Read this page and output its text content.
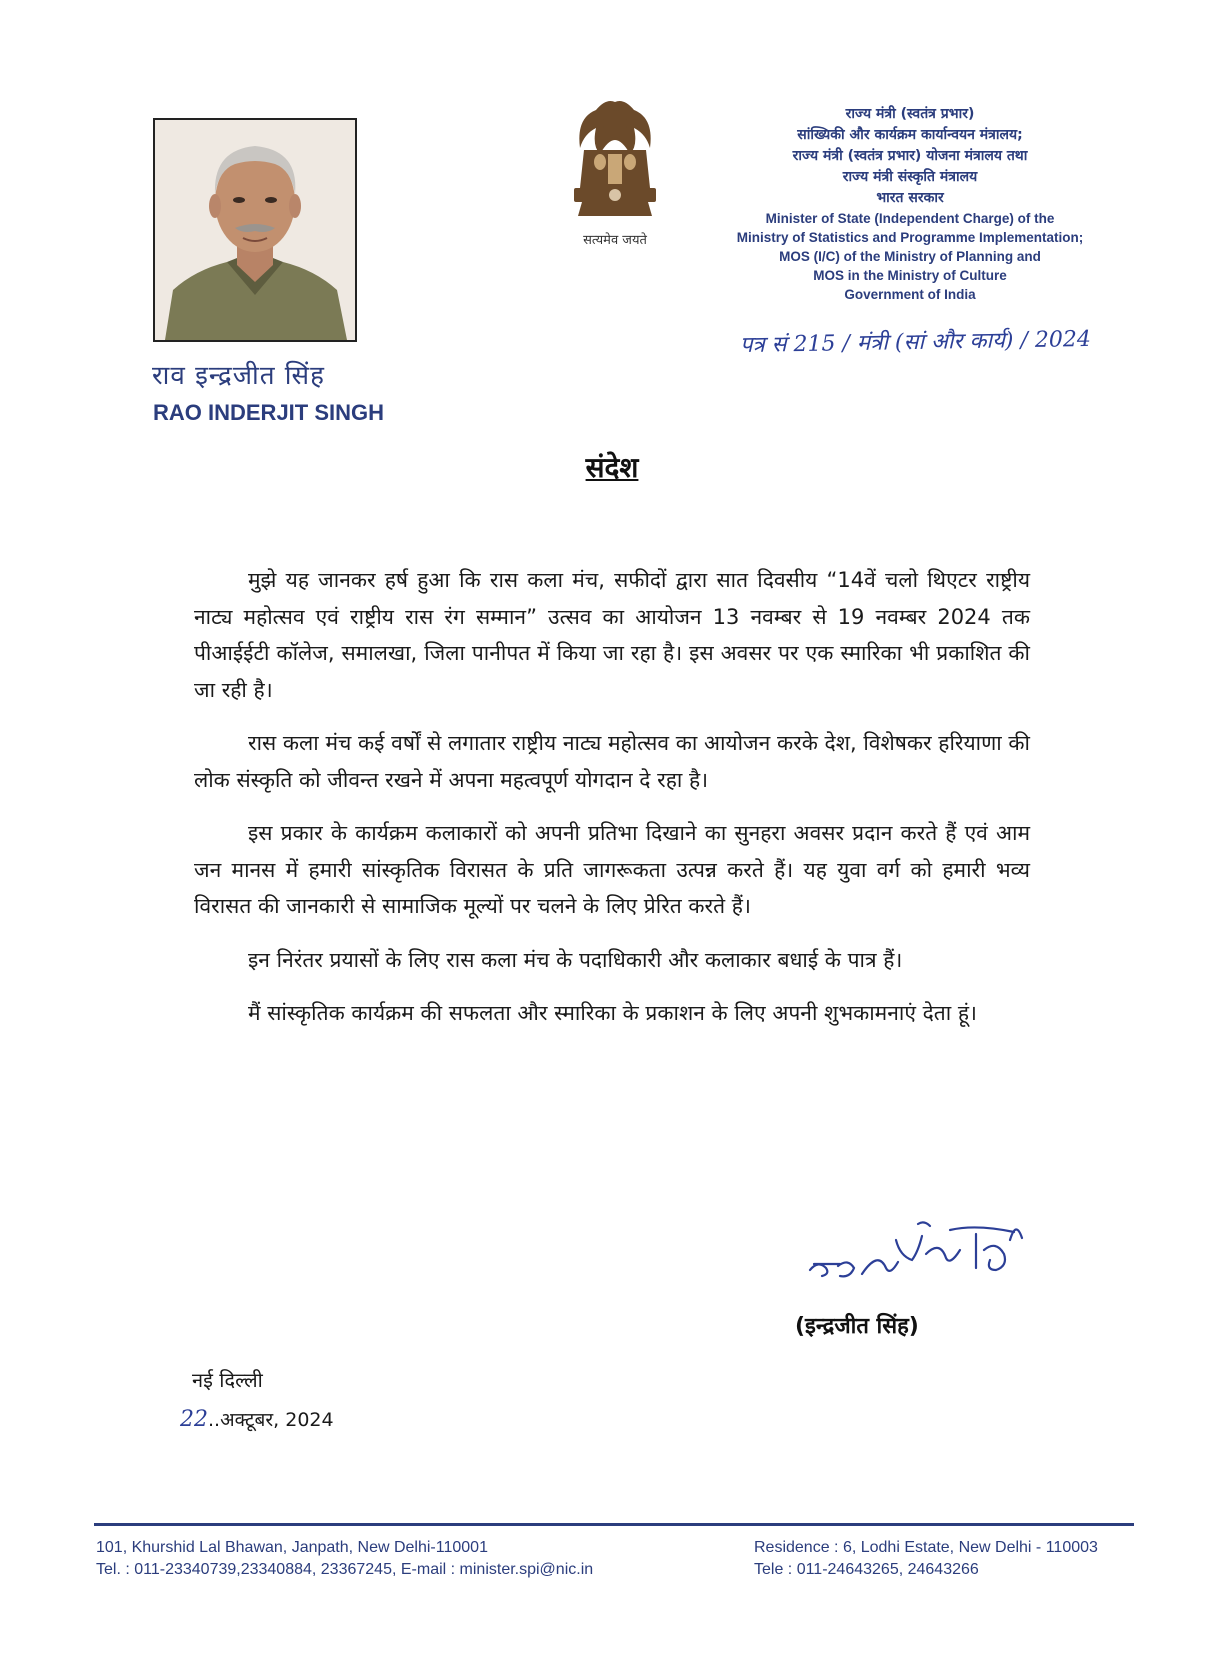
राव इन्द्रजीत सिंह
RAO INDERJIT SINGH
सत्यमेव जयते
राज्य मंत्री (स्वतंत्र प्रभार)
सांख्यिकी और कार्यक्रम कार्यान्वयन मंत्रालय;
राज्य मंत्री (स्वतंत्र प्रभार) योजना मंत्रालय तथा
राज्य मंत्री संस्कृति मंत्रालय
भारत सरकार
Minister of State (Independent Charge) of the
Ministry of Statistics and Programme Implementation;
MOS (I/C) of the Ministry of Planning and
MOS in the Ministry of Culture
Government of India
पत्र सं 215 / मंत्री (सां और कार्य) / 2024
संदेश

मुझे यह जानकर हर्ष हुआ कि रास कला मंच, सफीदों द्वारा सात दिवसीय “14वें चलो थिएटर राष्ट्रीय नाट्य महोत्सव एवं राष्ट्रीय रास रंग सम्मान” उत्सव का आयोजन 13 नवम्बर से 19 नवम्बर 2024 तक पीआईईटी कॉलेज, समालखा, जिला पानीपत में किया जा रहा है। इस अवसर पर एक स्मारिका भी प्रकाशित की जा रही है।

रास कला मंच कई वर्षों से लगातार राष्ट्रीय नाट्य महोत्सव का आयोजन करके देश, विशेषकर हरियाणा की लोक संस्कृति को जीवन्त रखने में अपना महत्वपूर्ण योगदान दे रहा है।

इस प्रकार के कार्यक्रम कलाकारों को अपनी प्रतिभा दिखाने का सुनहरा अवसर प्रदान करते हैं एवं आम जन मानस में हमारी सांस्कृतिक विरासत के प्रति जागरूकता उत्पन्न करते हैं। यह युवा वर्ग को हमारी भव्य विरासत की जानकारी से सामाजिक मूल्यों पर चलने के लिए प्रेरित करते हैं।

इन निरंतर प्रयासों के लिए रास कला मंच के पदाधिकारी और कलाकार बधाई के पात्र हैं।

मैं सांस्कृतिक कार्यक्रम की सफलता और स्मारिका के प्रकाशन के लिए अपनी शुभकामनाएं देता हूं।

(इन्द्रजीत सिंह)
नई दिल्ली
22..अक्टूबर, 2024
101, Khurshid Lal Bhawan, Janpath, New Delhi-110001
Tel. : 011-23340739,23340884, 23367245, E-mail : minister.spi@nic.in
Residence : 6, Lodhi Estate, New Delhi - 110003
Tele : 011-24643265, 24643266
